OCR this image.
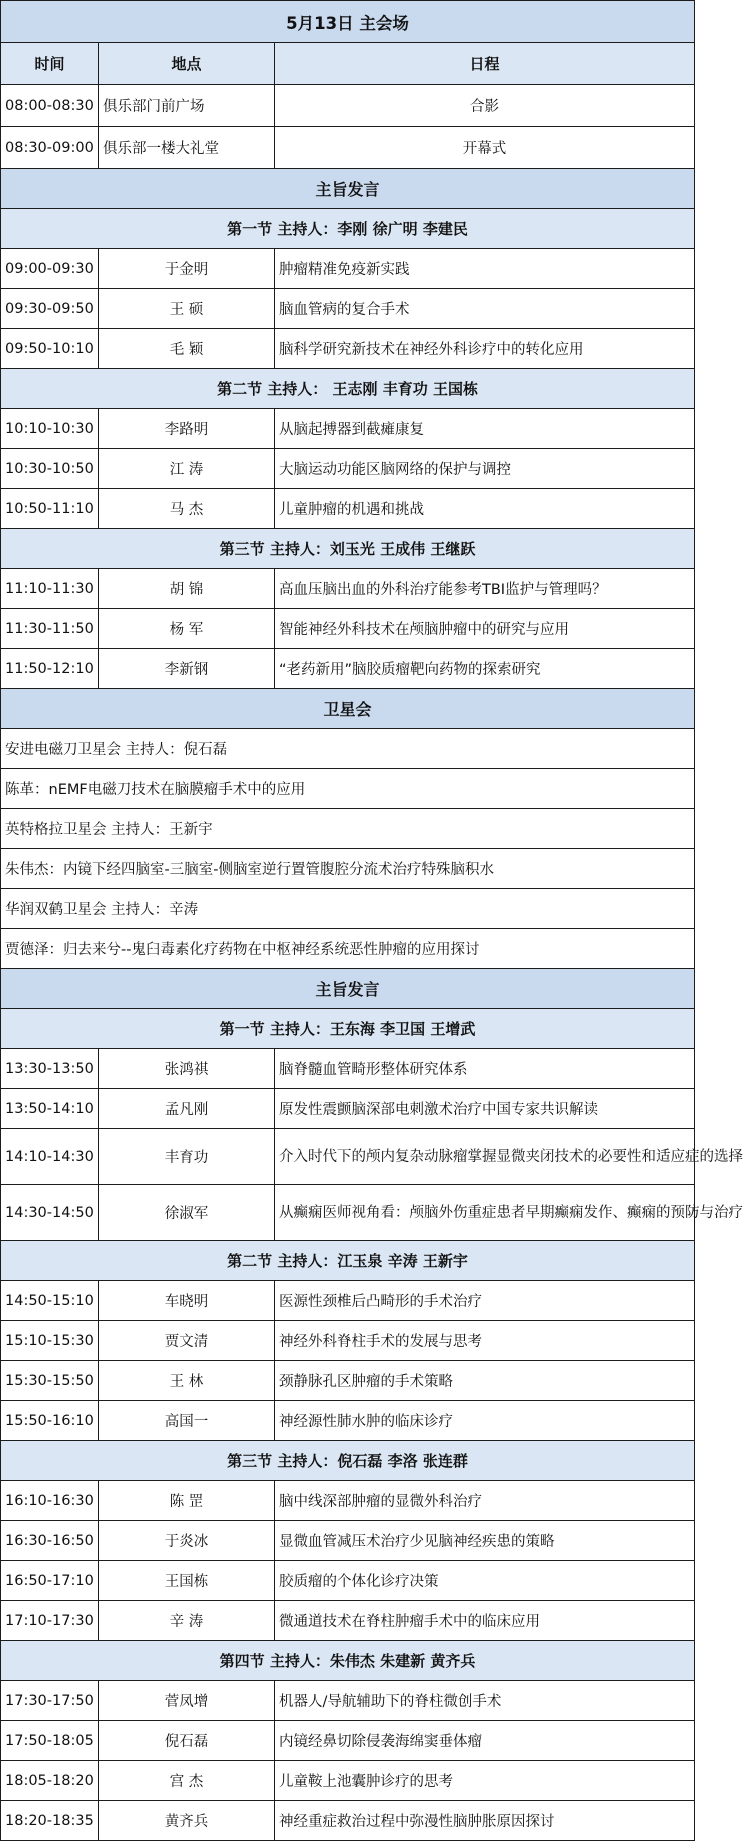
5月13日 主会场		
时间	地点	日程
08:00-08:30	俱乐部门前广场	合影
08:30-09:00	俱乐部一楼大礼堂	开幕式
主旨发言		
第一节 主持人：李刚 徐广明 李建民		
09:00-09:30	于金明	肿瘤精准免疫新实践
09:30-09:50	王 硕	脑血管病的复合手术
09:50-10:10	毛 颖	脑科学研究新技术在神经外科诊疗中的转化应用
第二节 主持人： 王志刚 丰育功 王国栋		
10:10-10:30	李路明	从脑起搏器到截瘫康复
10:30-10:50	江 涛	大脑运动功能区脑网络的保护与调控
10:50-11:10	马 杰	儿童肿瘤的机遇和挑战
第三节 主持人：刘玉光 王成伟 王继跃		
11:10-11:30	胡 锦	高血压脑出血的外科治疗能参考TBI监护与管理吗？
11:30-11:50	杨 军	智能神经外科技术在颅脑肿瘤中的研究与应用
11:50-12:10	李新钢	“老药新用”脑胶质瘤靶向药物的探索研究
卫星会		
安进电磁刀卫星会 主持人：倪石磊		
陈革：nEMF电磁刀技术在脑膜瘤手术中的应用		
英特格拉卫星会 主持人：王新宇		
朱伟杰：内镜下经四脑室-三脑室-侧脑室逆行置管腹腔分流术治疗特殊脑积水		
华润双鹤卫星会 主持人：辛涛		
贾德泽：归去来兮--鬼臼毒素化疗药物在中枢神经系统恶性肿瘤的应用探讨		
主旨发言		
第一节 主持人：王东海 李卫国 王增武		
13:30-13:50	张鸿祺	脑脊髓血管畸形整体研究体系
13:50-14:10	孟凡刚	原发性震颤脑深部电刺激术治疗中国专家共识解读
14:10-14:30	丰育功	介入时代下的颅内复杂动脉瘤掌握显微夹闭技术的必要性和适应症的选择
14:30-14:50	徐淑军	从癫痫医师视角看：颅脑外伤重症患者早期癫痫发作、癫痫的预防与治疗
第二节 主持人：江玉泉 辛涛 王新宇		
14:50-15:10	车晓明	医源性颈椎后凸畸形的手术治疗
15:10-15:30	贾文清	神经外科脊柱手术的发展与思考
15:30-15:50	王 林	颈静脉孔区肿瘤的手术策略
15:50-16:10	高国一	神经源性肺水肿的临床诊疗
第三节 主持人：倪石磊 李洛 张连群		
16:10-16:30	陈 罡	脑中线深部肿瘤的显微外科治疗
16:30-16:50	于炎冰	显微血管减压术治疗少见脑神经疾患的策略
16:50-17:10	王国栋	胶质瘤的个体化诊疗决策
17:10-17:30	辛 涛	微通道技术在脊柱肿瘤手术中的临床应用
第四节 主持人：朱伟杰 朱建新 黄齐兵		
17:30-17:50	菅凤增	机器人/导航辅助下的脊柱微创手术
17:50-18:05	倪石磊	内镜经鼻切除侵袭海绵窦垂体瘤
18:05-18:20	宫 杰	儿童鞍上池囊肿诊疗的思考
18:20-18:35	黄齐兵	神经重症救治过程中弥漫性脑肿胀原因探讨
